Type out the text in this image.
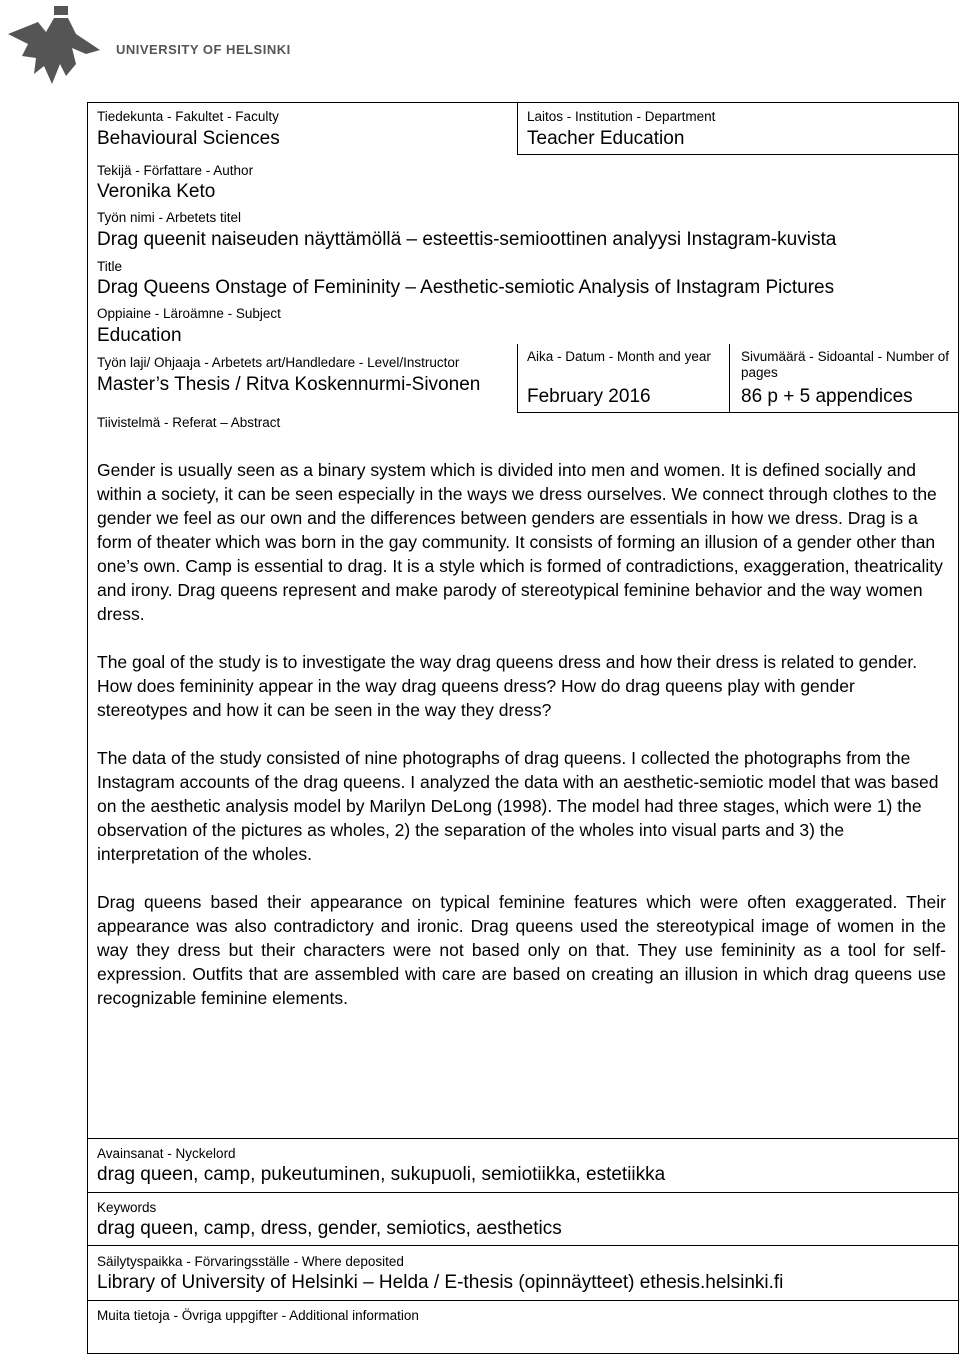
UNIVERSITY OF HELSINKI
Tiedekunta - Fakultet - Faculty
Behavioural Sciences
Laitos - Institution - Department
Teacher Education
Tekijä - Författare - Author
Veronika Keto
Työn nimi - Arbetets titel
Drag queenit naiseuden näyttämöllä – esteettis-semioottinen analyysi Instagram-kuvista
Title
Drag Queens Onstage of Femininity – Aesthetic-semiotic Analysis of Instagram Pictures
Oppiaine - Läroämne - Subject
Education
Työn laji/ Ohjaaja - Arbetets art/Handledare - Level/Instructor
Master’s Thesis / Ritva Koskennurmi-Sivonen
Aika - Datum - Month and year
February 2016
Sivumäärä - Sidoantal - Number of pages
86 p + 5 appendices
Tiivistelmä - Referat – Abstract

Gender is usually seen as a binary system which is divided into men and women. It is defined socially and within a society, it can be seen especially in the ways we dress ourselves. We connect through clothes to the gender we feel as our own and the differences between genders are essentials in how we dress. Drag is a form of theater which was born in the gay community. It consists of forming an illusion of a gender other than one’s own. Camp is essential to drag. It is a style which is formed of contradictions, exaggeration, theatricality and irony. Drag queens represent and make parody of stereotypical feminine behavior and the way women dress.

The goal of the study is to investigate the way drag queens dress and how their dress is related to gender. How does femininity appear in the way drag queens dress? How do drag queens play with gender stereotypes and how it can be seen in the way they dress?

The data of the study consisted of nine photographs of drag queens. I collected the photographs from the Instagram accounts of the drag queens. I analyzed the data with an aesthetic-semiotic model that was based on the aesthetic analysis model by Marilyn DeLong (1998). The model had three stages, which were 1) the observation of the pictures as wholes, 2) the separation of the wholes into visual parts and 3) the interpretation of the wholes.

Drag queens based their appearance on typical feminine features which were often exaggerated. Their appearance was also contradictory and ironic. Drag queens used the stereotypical image of women in the way they dress but their characters were not based only on that. They use femininity as a tool for self-expression. Outfits that are assembled with care are based on creating an illusion in which drag queens use recognizable feminine elements.

Avainsanat - Nyckelord
drag queen, camp, pukeutuminen, sukupuoli, semiotiikka, estetiikka
Keywords
drag queen, camp, dress, gender, semiotics, aesthetics
Säilytyspaikka - Förvaringsställe - Where deposited
Library of University of Helsinki – Helda / E-thesis (opinnäytteet) ethesis.helsinki.fi
Muita tietoja - Övriga uppgifter - Additional information
